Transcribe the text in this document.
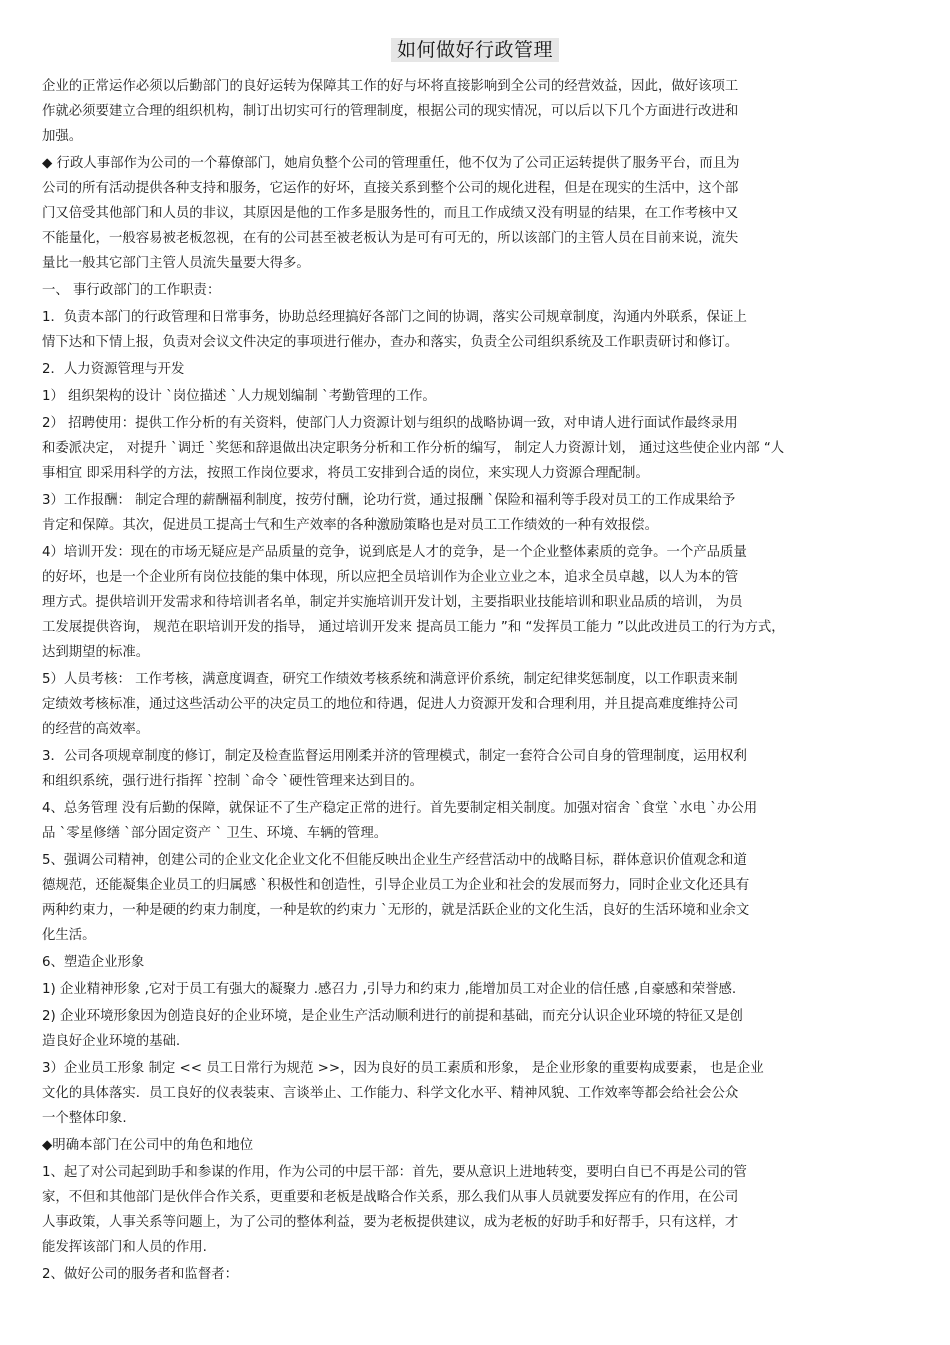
如何做好行政管理
企业的正常运作必须以后勤部门的良好运转为保障其工作的好与坏将直接影响到全公司的经营效益，因此，做好该项工
作就必须要建立合理的组织机构，制订出切实可行的管理制度，根据公司的现实情况，可以后以下几个方面进行改进和
加强。
◆ 行政人事部作为公司的一个幕僚部门，她肩负整个公司的管理重任，他不仅为了公司正运转提供了服务平台，而且为
公司的所有活动提供各种支持和服务，它运作的好坏，直接关系到整个公司的规化进程，但是在现实的生活中，这个部
门又倍受其他部门和人员的非议，其原因是他的工作多是服务性的，而且工作成绩又没有明显的结果，在工作考核中又
不能量化，一般容易被老板忽视，在有的公司甚至被老板认为是可有可无的，所以该部门的主管人员在目前来说，流失
量比一般其它部门主管人员流失量要大得多。
一、 事行政部门的工作职责：
1．负责本部门的行政管理和日常事务，协助总经理搞好各部门之间的协调，落实公司规章制度，沟通内外联系，保证上
情下达和下情上报，负责对会议文件决定的事项进行催办，查办和落实，负责全公司组织系统及工作职责研讨和修订。
2．人力资源管理与开发
1） 组织架构的设计 `岗位描述 `人力规划编制 `考勤管理的工作。
2） 招聘使用：提供工作分析的有关资料，使部门人力资源计划与组织的战略协调一致，对申请人进行面试作最终录用
和委派决定， 对提升 `调迁 `奖惩和辞退做出决定职务分析和工作分析的编写， 制定人力资源计划， 通过这些使企业内部 “人
事相宜 即采用科学的方法，按照工作岗位要求，将员工安排到合适的岗位，来实现人力资源合理配制。
3）工作报酬： 制定合理的薪酬福利制度，按劳付酬，论功行赏，通过报酬 `保险和福利等手段对员工的工作成果给予
肯定和保障。其次，促进员工提高士气和生产效率的各种激励策略也是对员工工作绩效的一种有效报偿。
4）培训开发：现在的市场无疑应是产品质量的竞争，说到底是人才的竞争，是一个企业整体素质的竞争。一个产品质量
的好坏，也是一个企业所有岗位技能的集中体现，所以应把全员培训作为企业立业之本，追求全员卓越，以人为本的管
理方式。提供培训开发需求和待培训者名单，制定并实施培训开发计划，主要指职业技能培训和职业品质的培训， 为员
工发展提供咨询， 规范在职培训开发的指导， 通过培训开发来 提高员工能力 ”和 “发挥员工能力 ”以此改进员工的行为方式，
达到期望的标准。
5）人员考核： 工作考核，满意度调查，研究工作绩效考核系统和满意评价系统，制定纪律奖惩制度，以工作职责来制
定绩效考核标准，通过这些活动公平的决定员工的地位和待遇，促进人力资源开发和合理利用，并且提高难度维持公司
的经营的高效率。
3．公司各项规章制度的修订，制定及检查监督运用刚柔并济的管理模式，制定一套符合公司自身的管理制度，运用权利
和组织系统，强行进行指挥 `控制 `命令 `硬性管理来达到目的。
4、总务管理 没有后勤的保障，就保证不了生产稳定正常的进行。首先要制定相关制度。加强对宿舍 `食堂 `水电 `办公用
品 `零星修缮 `部分固定资产 ` 卫生、环境、车辆的管理。
5、强调公司精神，创建公司的企业文化企业文化不但能反映出企业生产经营活动中的战略目标，群体意识价值观念和道
德规范，还能凝集企业员工的归属感 `积极性和创造性，引导企业员工为企业和社会的发展而努力，同时企业文化还具有
两种约束力，一种是硬的约束力制度，一种是软的约束力 `无形的，就是活跃企业的文化生活，良好的生活环境和业余文
化生活。
6、塑造企业形象
1) 企业精神形象 ,它对于员工有强大的凝聚力 .感召力 ,引导力和约束力 ,能增加员工对企业的信任感 ,自豪感和荣誉感.
2) 企业环境形象因为创造良好的企业环境，是企业生产活动顺利进行的前提和基础，而充分认识企业环境的特征又是创
造良好企业环境的基础.
3）企业员工形象 制定 << 员工日常行为规范 >>，因为良好的员工素质和形象， 是企业形象的重要构成要素， 也是企业
文化的具体落实．员工良好的仪表装束、言谈举止、工作能力、科学文化水平、精神风貌、工作效率等都会给社会公众
一个整体印象.
◆明确本部门在公司中的角色和地位
1、起了对公司起到助手和参谋的作用，作为公司的中层干部：首先，要从意识上进地转变，要明白自已不再是公司的管
家，不但和其他部门是伙伴合作关系，更重要和老板是战略合作关系，那么我们从事人员就要发挥应有的作用，在公司
人事政策，人事关系等问题上，为了公司的整体利益，要为老板提供建议，成为老板的好助手和好帮手，只有这样，才
能发挥该部门和人员的作用.
2、做好公司的服务者和监督者：
